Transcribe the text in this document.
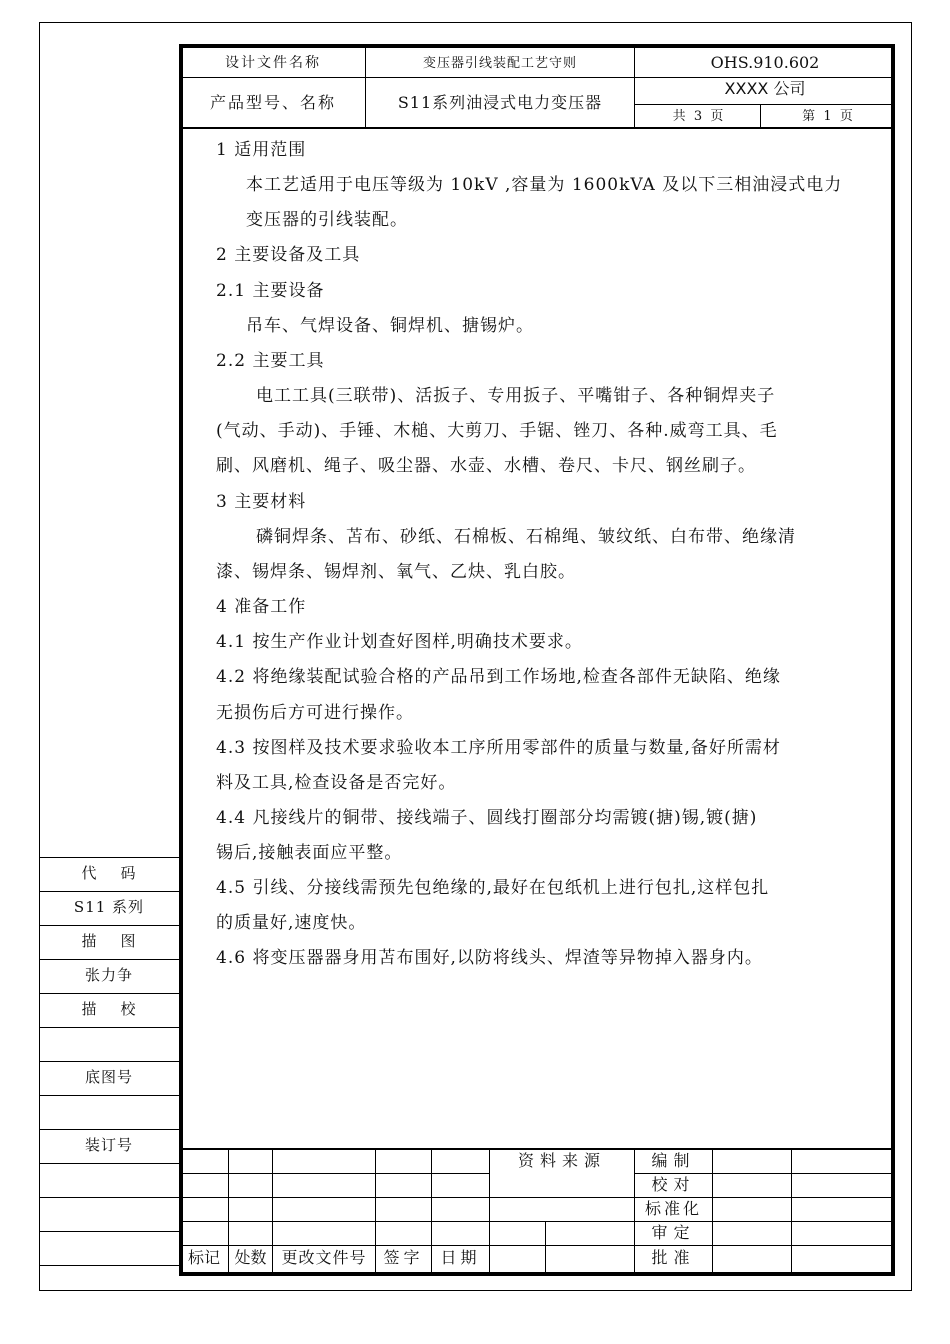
设计文件名称	变压器引线装配工艺守则	OHS.910.602
产品型号、名称	S11系列油浸式电力变压器
XXXX 公司
共  3  页	第  1  页
1 适用范围
本工艺适用于电压等级为 10kV ,容量为 1600kVA 及以下三相油浸式电力
变压器的引线装配。
2 主要设备及工具
2.1 主要设备
吊车、气焊设备、铜焊机、搪锡炉。
2.2 主要工具
电工工具(三联带)、活扳子、专用扳子、平嘴钳子、各种铜焊夹子
(气动、手动)、手锤、木槌、大剪刀、手锯、锉刀、各种.威弯工具、毛
刷、风磨机、绳子、吸尘器、水壶、水槽、卷尺、卡尺、钢丝刷子。
3 主要材料
磷铜焊条、苫布、砂纸、石棉板、石棉绳、皱纹纸、白布带、绝缘清
漆、锡焊条、锡焊剂、氧气、乙炔、乳白胶。
4 准备工作
4.1 按生产作业计划查好图样,明确技术要求。
4.2 将绝缘装配试验合格的产品吊到工作场地,检查各部件无缺陷、绝缘
无损伤后方可进行操作。
4.3 按图样及技术要求验收本工序所用零部件的质量与数量,备好所需材
料及工具,检查设备是否完好。
4.4 凡接线片的铜带、接线端子、圆线打圈部分均需镀(搪)锡,镀(搪)
锡后,接触表面应平整。
4.5 引线、分接线需预先包绝缘的,最好在包纸机上进行包扎,这样包扎
的质量好,速度快。
4.6 将变压器器身用苫布围好,以防将线头、焊渣等异物掉入器身内。
代    码
S11 系列
描    图
张力争
描    校
底图号
装订号
资料来源	编制
校对
标准化
审定
批准
标记 处数 更改文件号	签字	日期
